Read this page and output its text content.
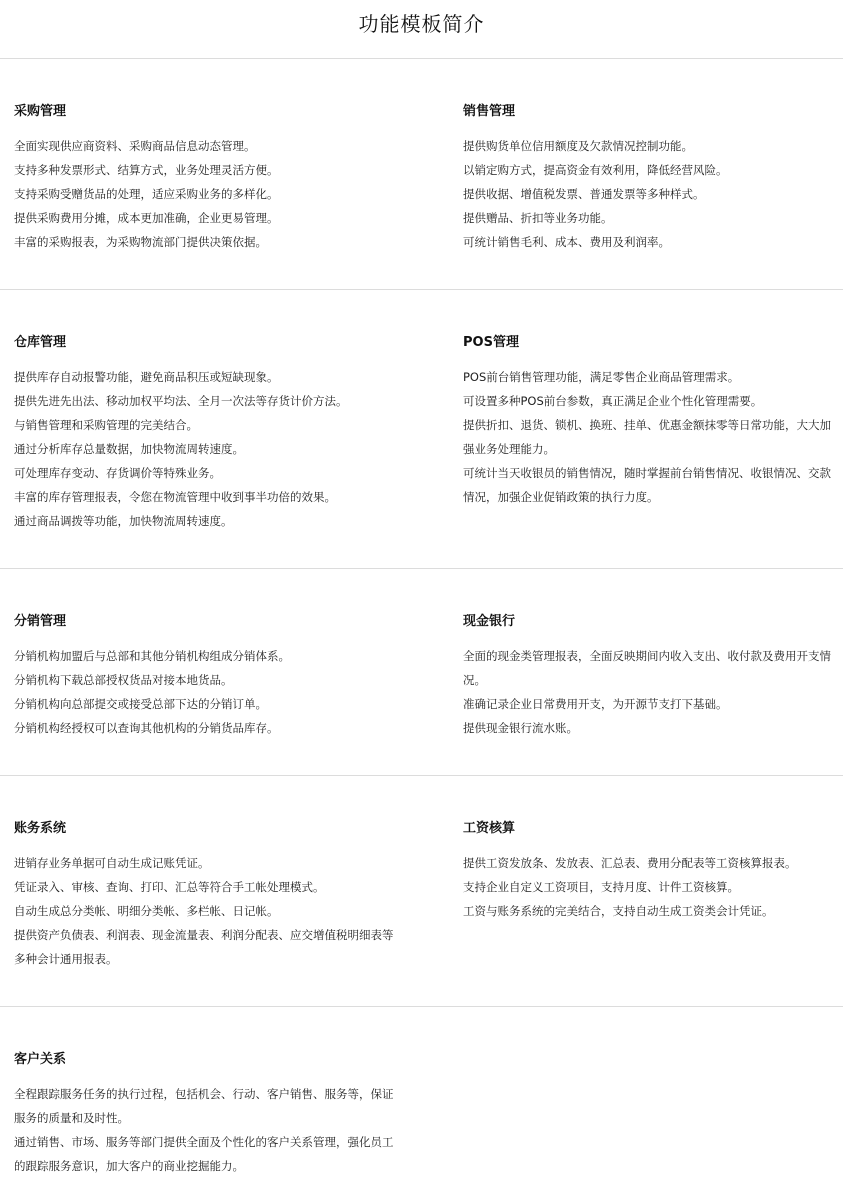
功能模板简介
采购管理
全面实现供应商资料、采购商品信息动态管理。
支持多种发票形式、结算方式，业务处理灵活方便。
支持采购受赠货品的处理，适应采购业务的多样化。
提供采购费用分摊，成本更加准确，企业更易管理。
丰富的采购报表，为采购物流部门提供决策依据。
销售管理
提供购货单位信用额度及欠款情况控制功能。
以销定购方式，提高资金有效利用，降低经营风险。
提供收据、增值税发票、普通发票等多种样式。
提供赠品、折扣等业务功能。
可统计销售毛利、成本、费用及利润率。
仓库管理
提供库存自动报警功能，避免商品积压或短缺现象。
提供先进先出法、移动加权平均法、全月一次法等存货计价方法。
与销售管理和采购管理的完美结合。
通过分析库存总量数据，加快物流周转速度。
可处理库存变动、存货调价等特殊业务。
丰富的库存管理报表，令您在物流管理中收到事半功倍的效果。
通过商品调拨等功能，加快物流周转速度。
POS管理
POS前台销售管理功能，满足零售企业商品管理需求。
可设置多种POS前台参数，真正满足企业个性化管理需要。
提供折扣、退货、锁机、换班、挂单、优惠金额抹零等日常功能，大大加强业务处理能力。
可统计当天收银员的销售情况，随时掌握前台销售情况、收银情况、交款情况，加强企业促销政策的执行力度。
分销管理
分销机构加盟后与总部和其他分销机构组成分销体系。
分销机构下载总部授权货品对接本地货品。
分销机构向总部提交或接受总部下达的分销订单。
分销机构经授权可以查询其他机构的分销货品库存。
现金银行
全面的现金类管理报表，全面反映期间内收入支出、收付款及费用开支情况。
准确记录企业日常费用开支，为开源节支打下基础。
提供现金银行流水账。
账务系统
进销存业务单据可自动生成记账凭证。
凭证录入、审核、查询、打印、汇总等符合手工帐处理模式。
自动生成总分类帐、明细分类帐、多栏帐、日记帐。
提供资产负债表、利润表、现金流量表、利润分配表、应交增值税明细表等多种会计通用报表。
工资核算
提供工资发放条、发放表、汇总表、费用分配表等工资核算报表。
支持企业自定义工资项目，支持月度、计件工资核算。
工资与账务系统的完美结合，支持自动生成工资类会计凭证。
客户关系
全程跟踪服务任务的执行过程，包括机会、行动、客户销售、服务等，保证服务的质量和及时性。
通过销售、市场、服务等部门提供全面及个性化的客户关系管理，强化员工的跟踪服务意识，加大客户的商业挖掘能力。
